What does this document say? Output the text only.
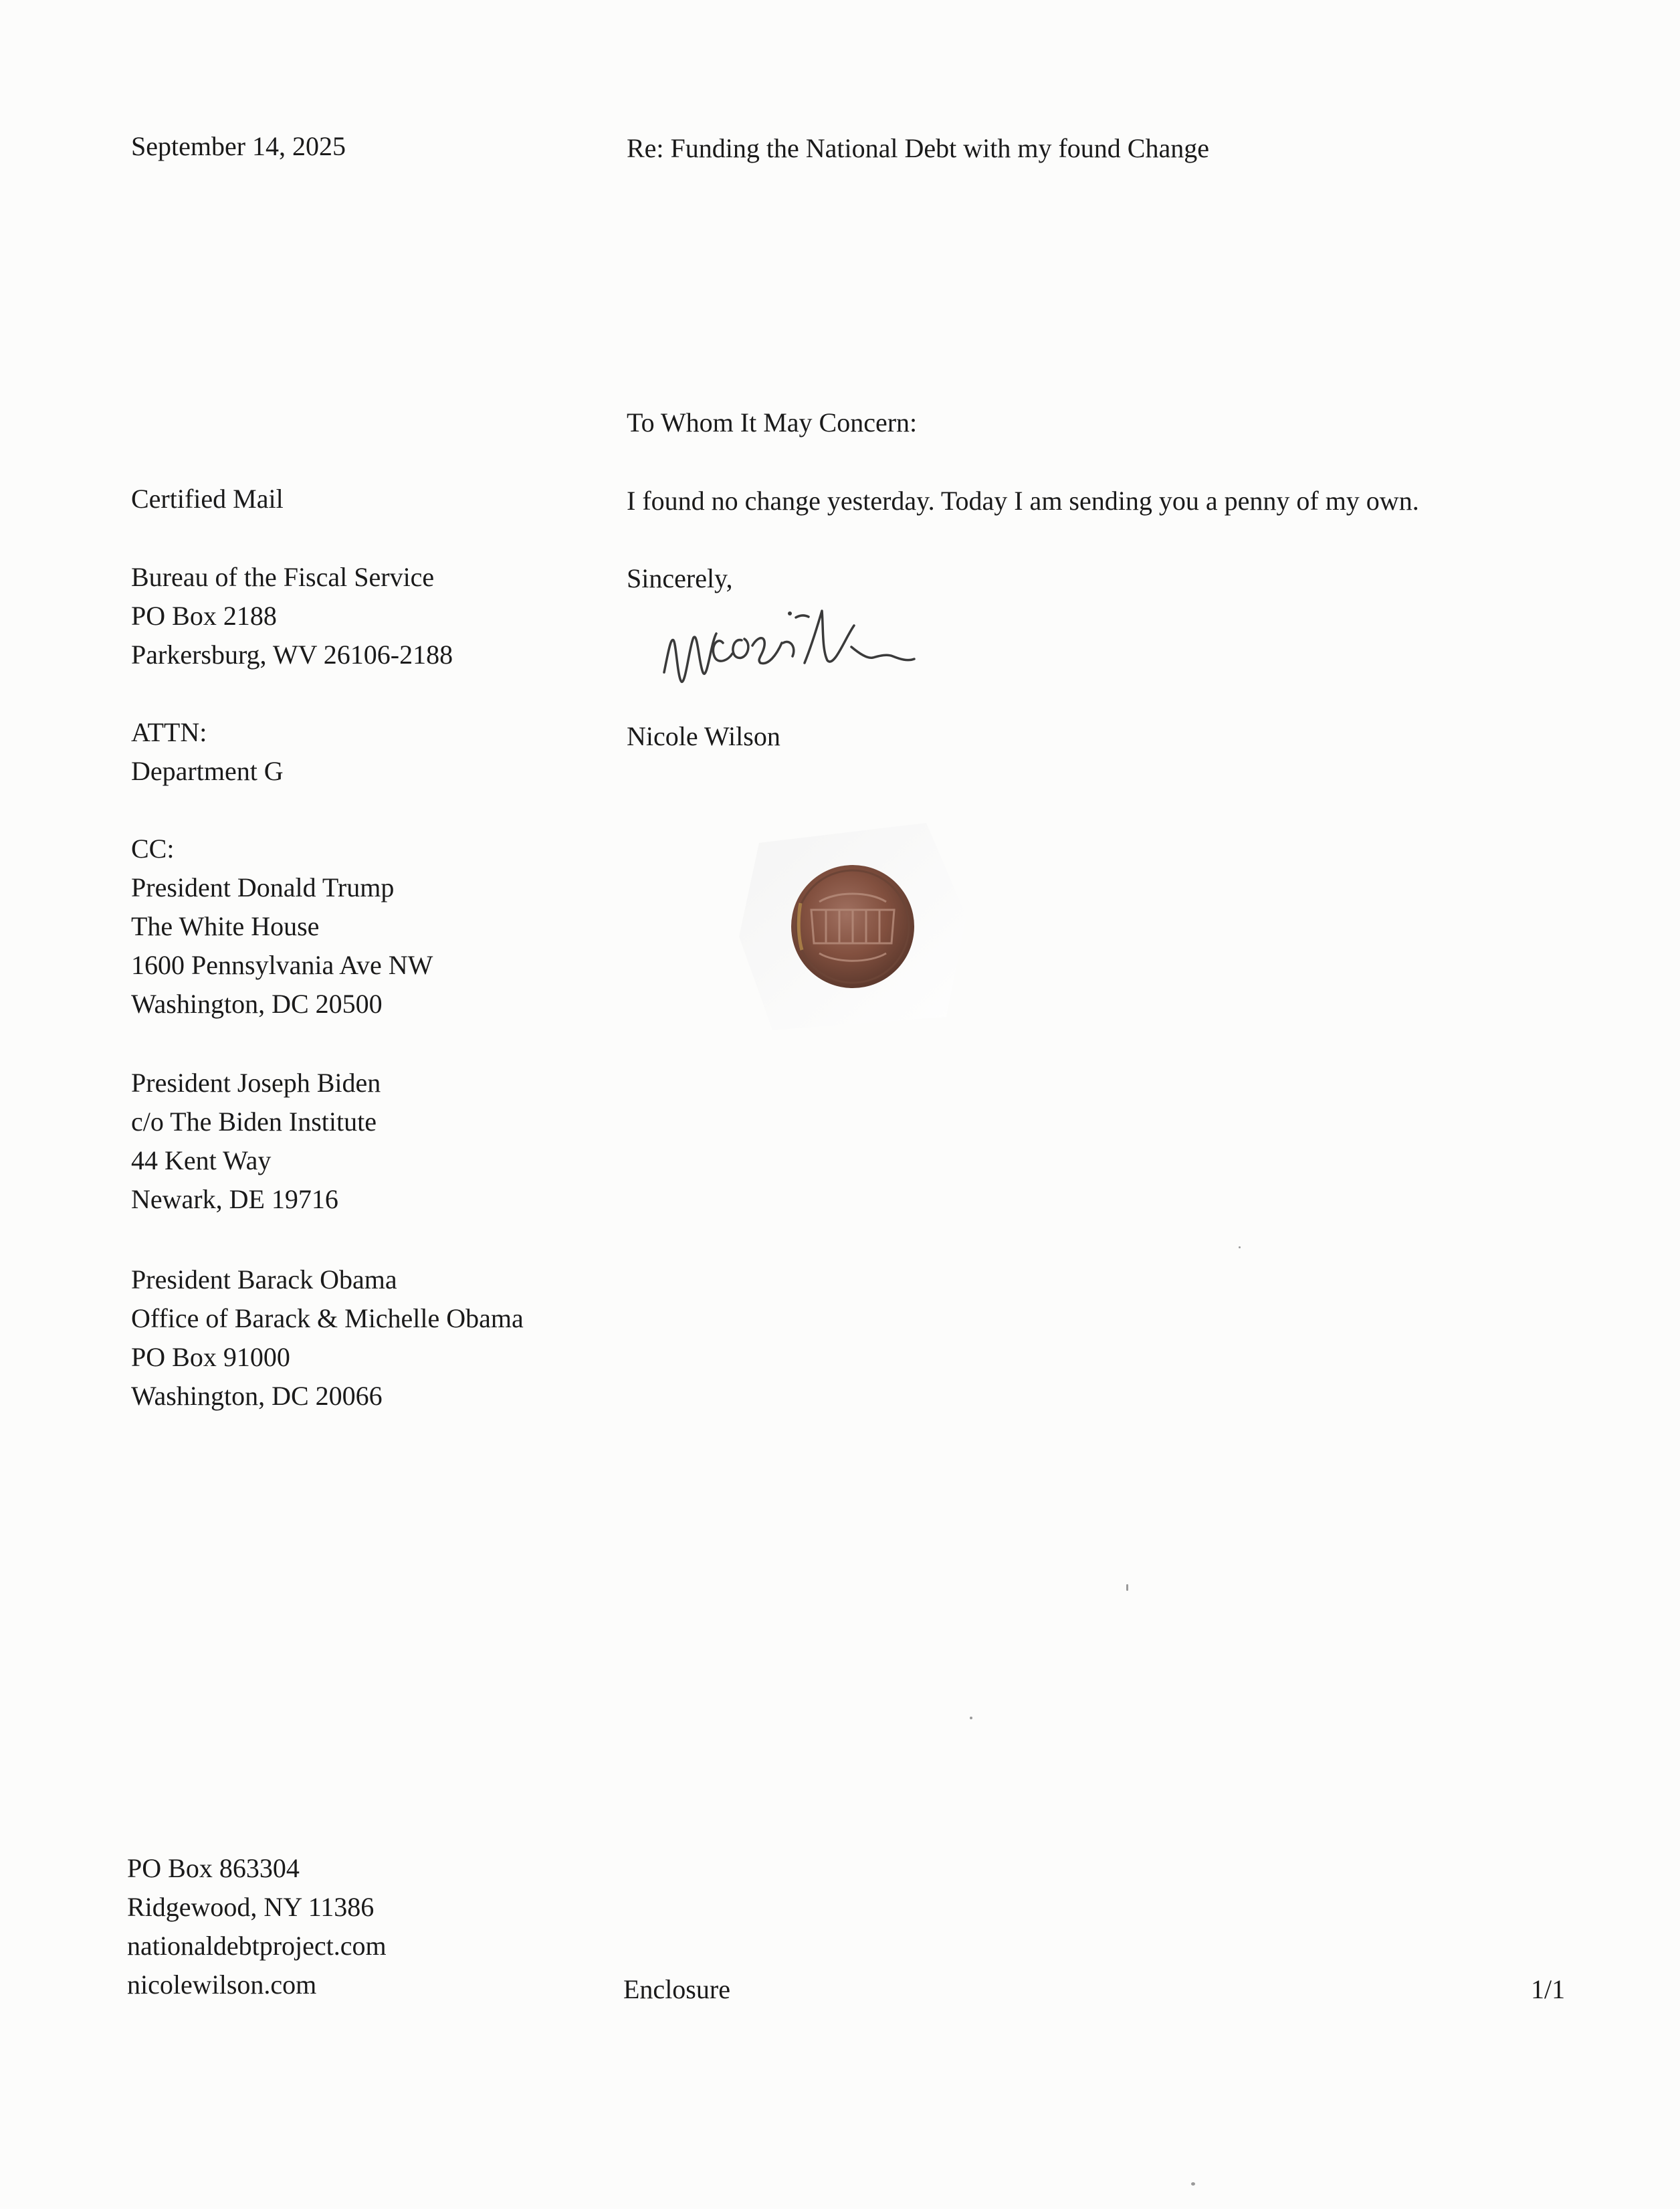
September 14, 2025	Re: Funding the National Debt with my found Change
To Whom It May Concern:
I found no change yesterday. Today I am sending you a penny of my own.
Sincerely,
Nicole Wilson
Certified Mail
Bureau of the Fiscal Service
PO Box 2188
Parkersburg, WV 26106-2188
ATTN:
Department G
CC:
President Donald Trump
The White House
1600 Pennsylvania Ave NW
Washington, DC 20500
President Joseph Biden
c/o The Biden Institute
44 Kent Way
Newark, DE 19716
President Barack Obama
Office of Barack & Michelle Obama
PO Box 91000
Washington, DC 20066
PO Box 863304
Ridgewood, NY 11386
nationaldebtproject.com
nicolewilson.com	Enclosure	1/1
